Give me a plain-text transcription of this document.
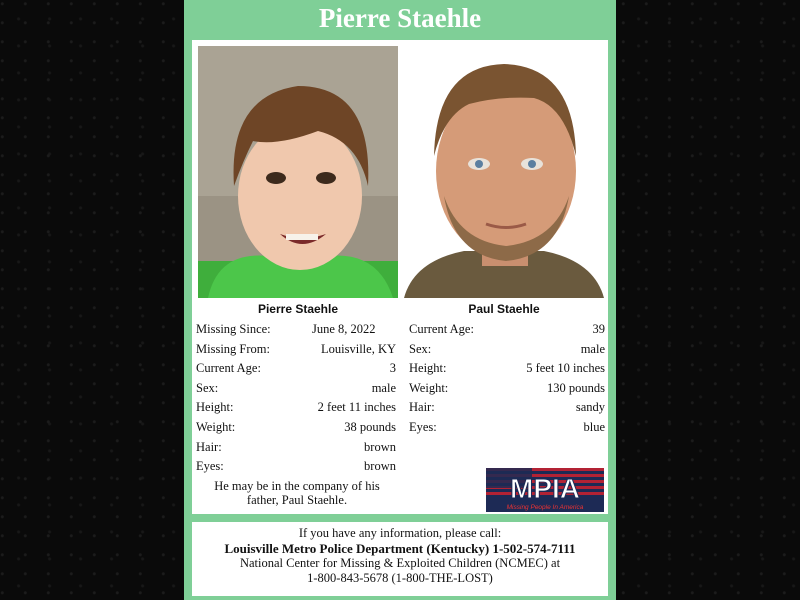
Pierre Staehle
Pierre Staehle	Paul Staehle
Missing Since:	June 8, 2022
Missing From:	Louisville, KY
Current Age:	3
Sex:	male
Height:	2 feet 11 inches
Weight:	38 pounds
Hair:	brown
Eyes:	brown
Current Age:	39
Sex:	male
Height:	5 feet 10 inches
Weight:	130 pounds
Hair:	sandy
Eyes:	blue
He may be in the company of his
father, Paul Staehle.	MPIA
Missing People In America
If you have any information, please call:
Louisville Metro Police Department (Kentucky) 1-502-574-7111
National Center for Missing & Exploited Children (NCMEC) at
1-800-843-5678 (1-800-THE-LOST)
